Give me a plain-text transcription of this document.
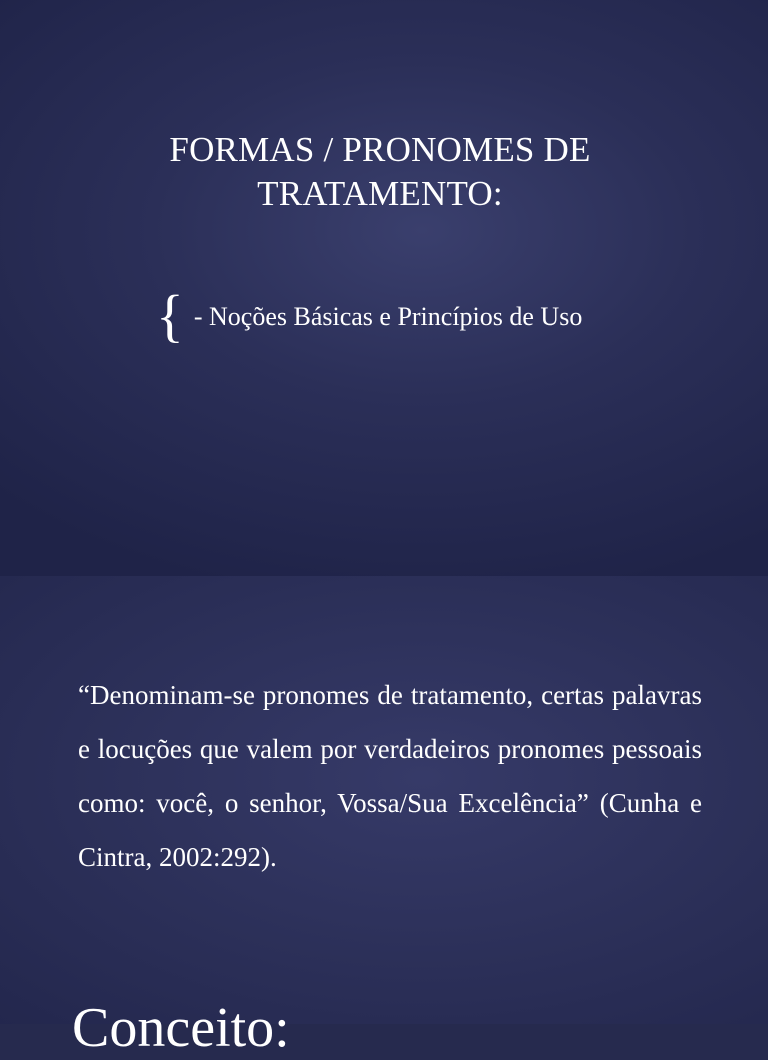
FORMAS / PRONOMES DE TRATAMENTO:
{ - Noções Básicas e Princípios de Uso

“Denominam-se pronomes de tratamento, certas palavras e locuções que valem por verdadeiros pronomes pessoais como: você, o senhor, Vossa/Sua Excelência” (Cunha e Cintra, 2002:292).

Conceito:
